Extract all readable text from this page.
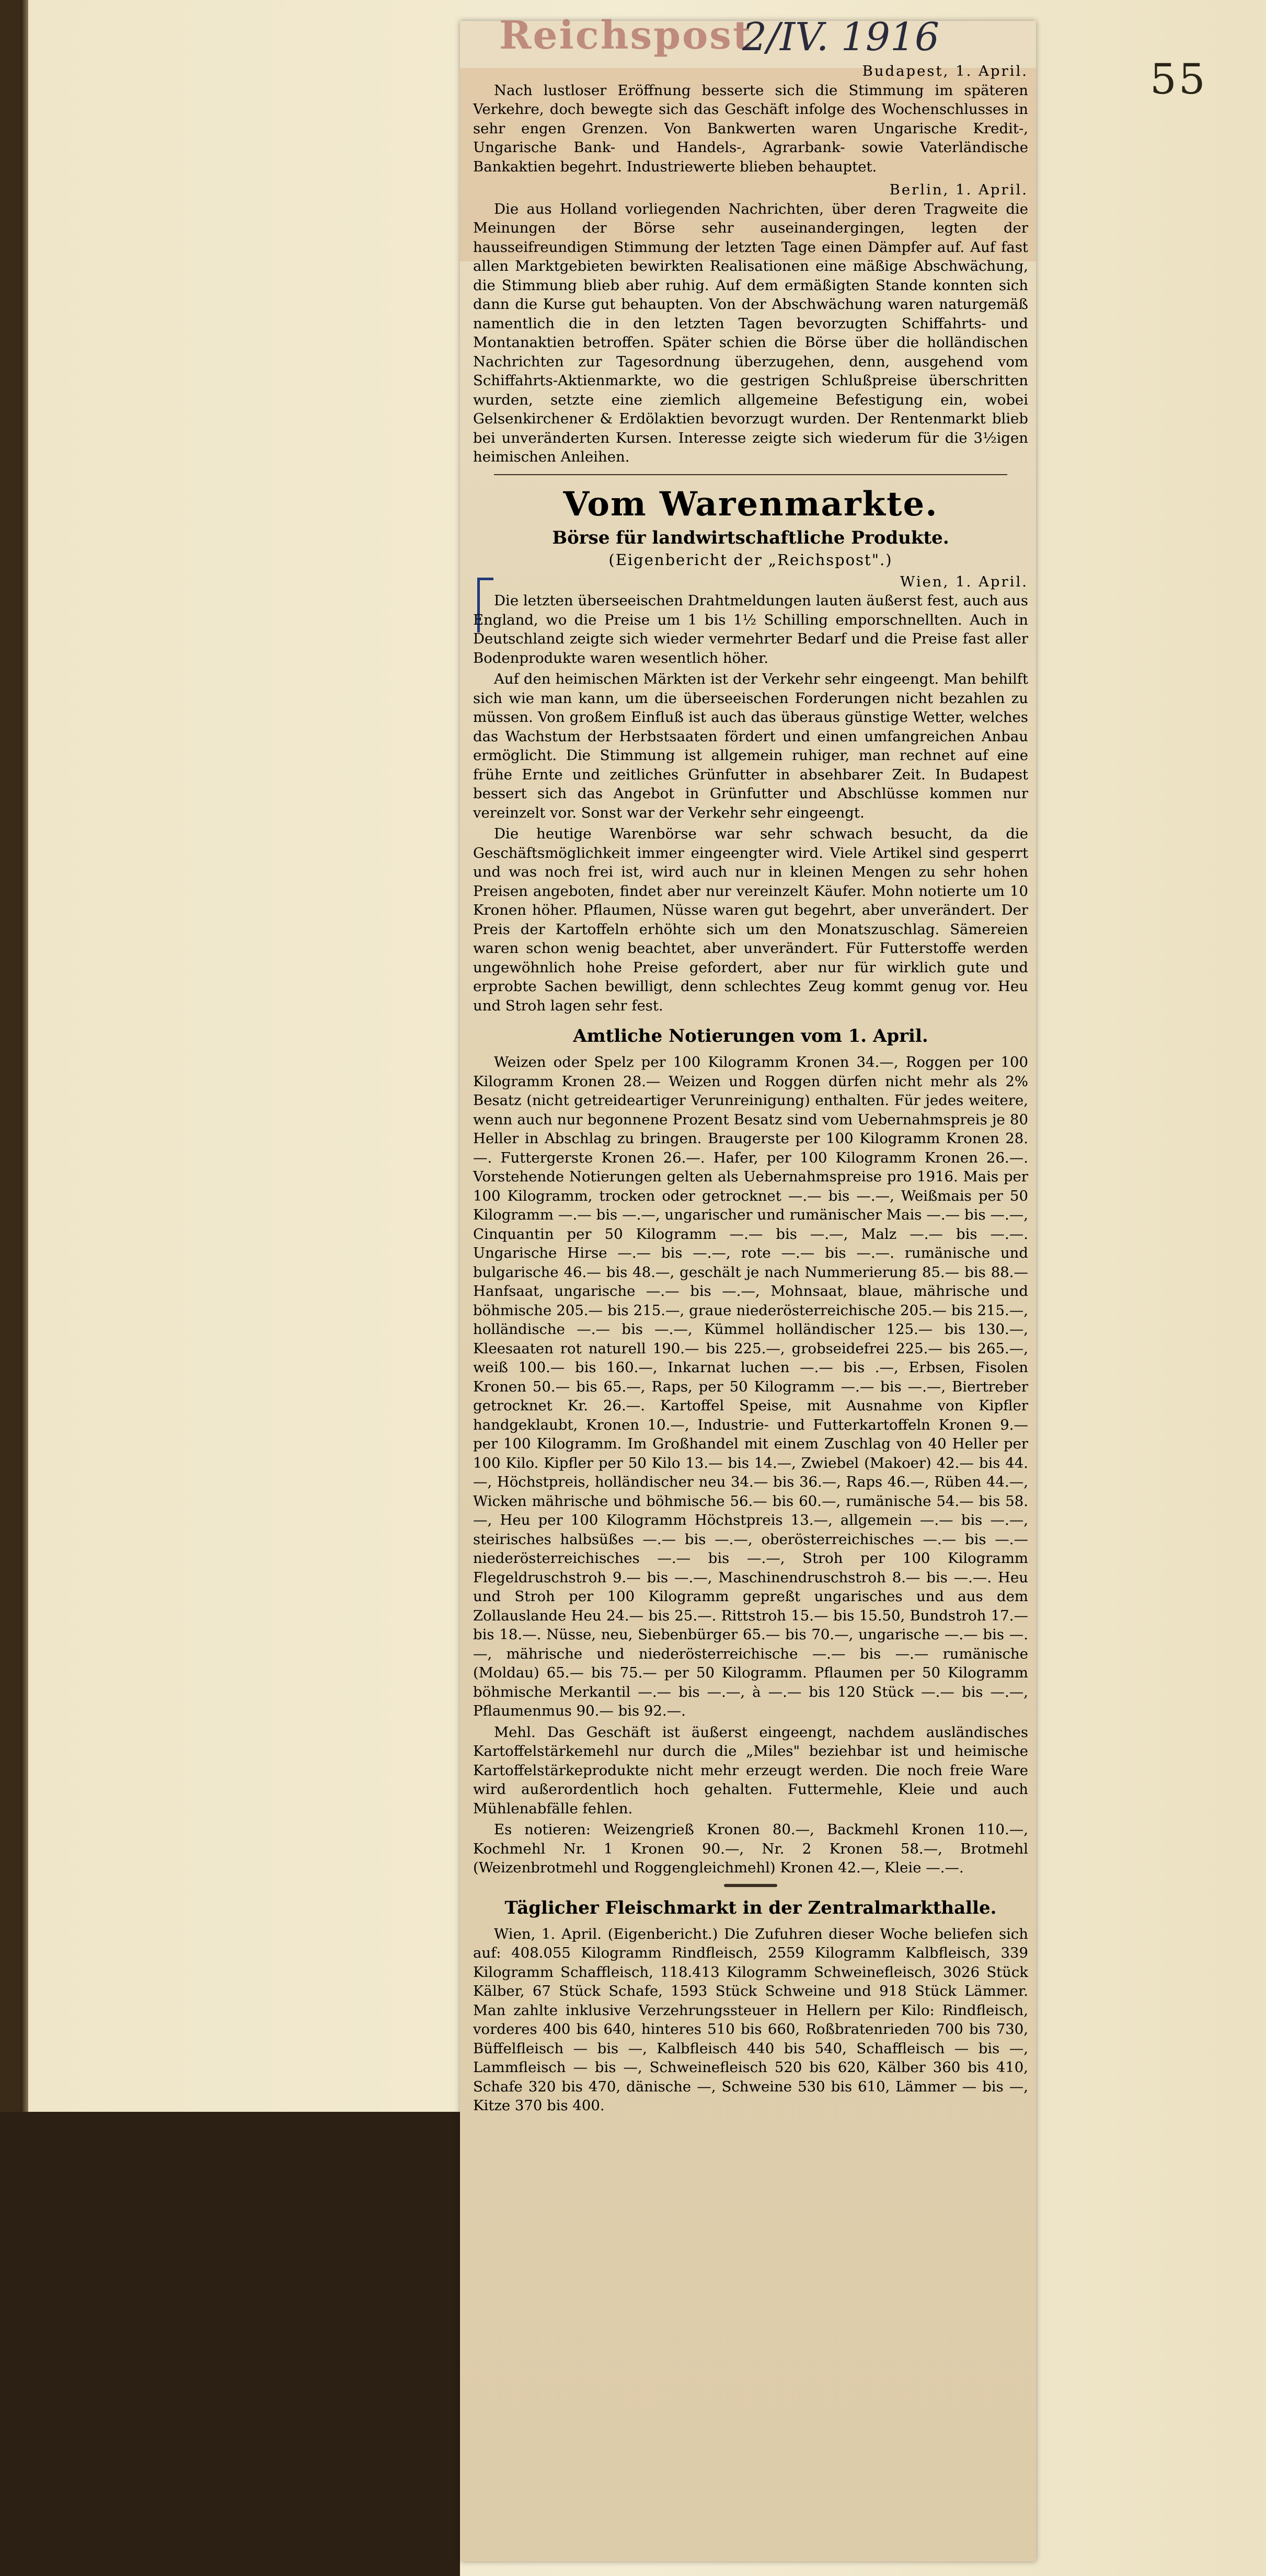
55
Reichspost
2/IV. 1916

Budapest, 1. April.

Nach lustloser Eröffnung besserte sich die Stimmung im späteren Verkehre, doch bewegte sich das Geschäft infolge des Wochenschlusses in sehr engen Grenzen. Von Bankwerten waren Ungarische Kredit-, Ungarische Bank- und Handels-, Agrarbank- sowie Vaterländische Bankaktien begehrt. Industriewerte blieben behauptet.

Berlin, 1. April.

Die aus Holland vorliegenden Nachrichten, über deren Tragweite die Meinungen der Börse sehr auseinandergingen, legten der hausseifreundigen Stimmung der letzten Tage einen Dämpfer auf. Auf fast allen Marktgebieten bewirkten Realisationen eine mäßige Abschwächung, die Stimmung blieb aber ruhig. Auf dem ermäßigten Stande konnten sich dann die Kurse gut behaupten. Von der Abschwächung waren naturgemäß namentlich die in den letzten Tagen bevorzugten Schiffahrts- und Montanaktien betroffen. Später schien die Börse über die holländischen Nachrichten zur Tagesordnung überzugehen, denn, ausgehend vom Schiffahrts-Aktienmarkte, wo die gestrigen Schlußpreise überschritten wurden, setzte eine ziemlich allgemeine Befestigung ein, wobei Gelsenkirchener & Erdölaktien bevorzugt wurden. Der Rentenmarkt blieb bei unveränderten Kursen. Interesse zeigte sich wiederum für die 3½igen heimischen Anleihen.

Vom Warenmarkte.

Börse für landwirtschaftliche Produkte.

(Eigenbericht der „Reichspost".)

Wien, 1. April.

Die letzten überseeischen Drahtmeldungen lauten äußerst fest, auch aus England, wo die Preise um 1 bis 1½ Schilling emporschnellten. Auch in Deutschland zeigte sich wieder vermehrter Bedarf und die Preise fast aller Bodenprodukte waren wesentlich höher.

Auf den heimischen Märkten ist der Verkehr sehr eingeengt. Man behilft sich wie man kann, um die überseeischen Forderungen nicht bezahlen zu müssen. Von großem Einfluß ist auch das überaus günstige Wetter, welches das Wachstum der Herbstsaaten fördert und einen umfangreichen Anbau ermöglicht. Die Stimmung ist allgemein ruhiger, man rechnet auf eine frühe Ernte und zeitliches Grünfutter in absehbarer Zeit. In Budapest bessert sich das Angebot in Grünfutter und Abschlüsse kommen nur vereinzelt vor. Sonst war der Verkehr sehr eingeengt.

Die heutige Warenbörse war sehr schwach besucht, da die Geschäftsmöglichkeit immer eingeengter wird. Viele Artikel sind gesperrt und was noch frei ist, wird auch nur in kleinen Mengen zu sehr hohen Preisen angeboten, findet aber nur vereinzelt Käufer. Mohn notierte um 10 Kronen höher. Pflaumen, Nüsse waren gut begehrt, aber unverändert. Der Preis der Kartoffeln erhöhte sich um den Monatszuschlag. Sämereien waren schon wenig beachtet, aber unverändert. Für Futterstoffe werden ungewöhnlich hohe Preise gefordert, aber nur für wirklich gute und erprobte Sachen bewilligt, denn schlechtes Zeug kommt genug vor. Heu und Stroh lagen sehr fest.

Amtliche Notierungen vom 1. April.

Weizen oder Spelz per 100 Kilogramm Kronen 34.—, Roggen per 100 Kilogramm Kronen 28.— Weizen und Roggen dürfen nicht mehr als 2% Besatz (nicht getreideartiger Verunreinigung) enthalten. Für jedes weitere, wenn auch nur begonnene Prozent Besatz sind vom Uebernahmspreis je 80 Heller in Abschlag zu bringen. Braugerste per 100 Kilogramm Kronen 28.—. Futtergerste Kronen 26.—. Hafer, per 100 Kilogramm Kronen 26.—. Vorstehende Notierungen gelten als Uebernahmspreise pro 1916. Mais per 100 Kilogramm, trocken oder getrocknet —.— bis —.—, Weißmais per 50 Kilogramm —.— bis —.—, ungarischer und rumänischer Mais —.— bis —.—, Cinquantin per 50 Kilogramm —.— bis —.—, Malz —.— bis —.—. Ungarische Hirse —.— bis —.—, rote —.— bis —.—. rumänische und bulgarische 46.— bis 48.—, geschält je nach Nummerierung 85.— bis 88.— Hanfsaat, ungarische —.— bis —.—, Mohnsaat, blaue, mährische und böhmische 205.— bis 215.—, graue niederösterreichische 205.— bis 215.—, holländische —.— bis —.—, Kümmel holländischer 125.— bis 130.—, Kleesaaten rot naturell 190.— bis 225.—, grobseidefrei 225.— bis 265.—, weiß 100.— bis 160.—, Inkarnat luchen —.— bis .—, Erbsen, Fisolen Kronen 50.— bis 65.—, Raps, per 50 Kilogramm —.— bis —.—, Biertreber getrocknet Kr. 26.—. Kartoffel Speise, mit Ausnahme von Kipfler handgeklaubt, Kronen 10.—, Industrie- und Futterkartoffeln Kronen 9.— per 100 Kilogramm. Im Großhandel mit einem Zuschlag von 40 Heller per 100 Kilo. Kipfler per 50 Kilo 13.— bis 14.—, Zwiebel (Makoer) 42.— bis 44.—, Höchstpreis, holländischer neu 34.— bis 36.—, Raps 46.—, Rüben 44.—, Wicken mährische und böhmische 56.— bis 60.—, rumänische 54.— bis 58.—, Heu per 100 Kilogramm Höchstpreis 13.—, allgemein —.— bis —.—, steirisches halbsüßes —.— bis —.—, oberösterreichisches —.— bis —.— niederösterreichisches —.— bis —.—, Stroh per 100 Kilogramm Flegeldruschstroh 9.— bis —.—, Maschinendruschstroh 8.— bis —.—. Heu und Stroh per 100 Kilogramm gepreßt ungarisches und aus dem Zollauslande Heu 24.— bis 25.—. Rittstroh 15.— bis 15.50, Bundstroh 17.— bis 18.—. Nüsse, neu, Siebenbürger 65.— bis 70.—, ungarische —.— bis —.—, mährische und niederösterreichische —.— bis —.— rumänische (Moldau) 65.— bis 75.— per 50 Kilogramm. Pflaumen per 50 Kilogramm böhmische Merkantil —.— bis —.—, à —.— bis 120 Stück —.— bis —.—, Pflaumenmus 90.— bis 92.—.

Mehl. Das Geschäft ist äußerst eingeengt, nachdem ausländisches Kartoffelstärkemehl nur durch die „Miles" beziehbar ist und heimische Kartoffelstärkeprodukte nicht mehr erzeugt werden. Die noch freie Ware wird außerordentlich hoch gehalten. Futtermehle, Kleie und auch Mühlenabfälle fehlen.

Es notieren: Weizengrieß Kronen 80.—, Backmehl Kronen 110.—, Kochmehl Nr. 1 Kronen 90.—, Nr. 2 Kronen 58.—, Brotmehl (Weizenbrotmehl und Roggengleichmehl) Kronen 42.—, Kleie —.—.

Täglicher Fleischmarkt in der Zentralmarkthalle.

Wien, 1. April. (Eigenbericht.) Die Zufuhren dieser Woche beliefen sich auf: 408.055 Kilogramm Rindfleisch, 2559 Kilogramm Kalbfleisch, 339 Kilogramm Schaffleisch, 118.413 Kilogramm Schweinefleisch, 3026 Stück Kälber, 67 Stück Schafe, 1593 Stück Schweine und 918 Stück Lämmer. Man zahlte inklusive Verzehrungssteuer in Hellern per Kilo: Rindfleisch, vorderes 400 bis 640, hinteres 510 bis 660, Roßbratenrieden 700 bis 730, Büffelfleisch — bis —, Kalbfleisch 440 bis 540, Schaffleisch — bis —, Lammfleisch — bis —, Schweinefleisch 520 bis 620, Kälber 360 bis 410, Schafe 320 bis 470, dänische —, Schweine 530 bis 610, Lämmer — bis —, Kitze 370 bis 400.
